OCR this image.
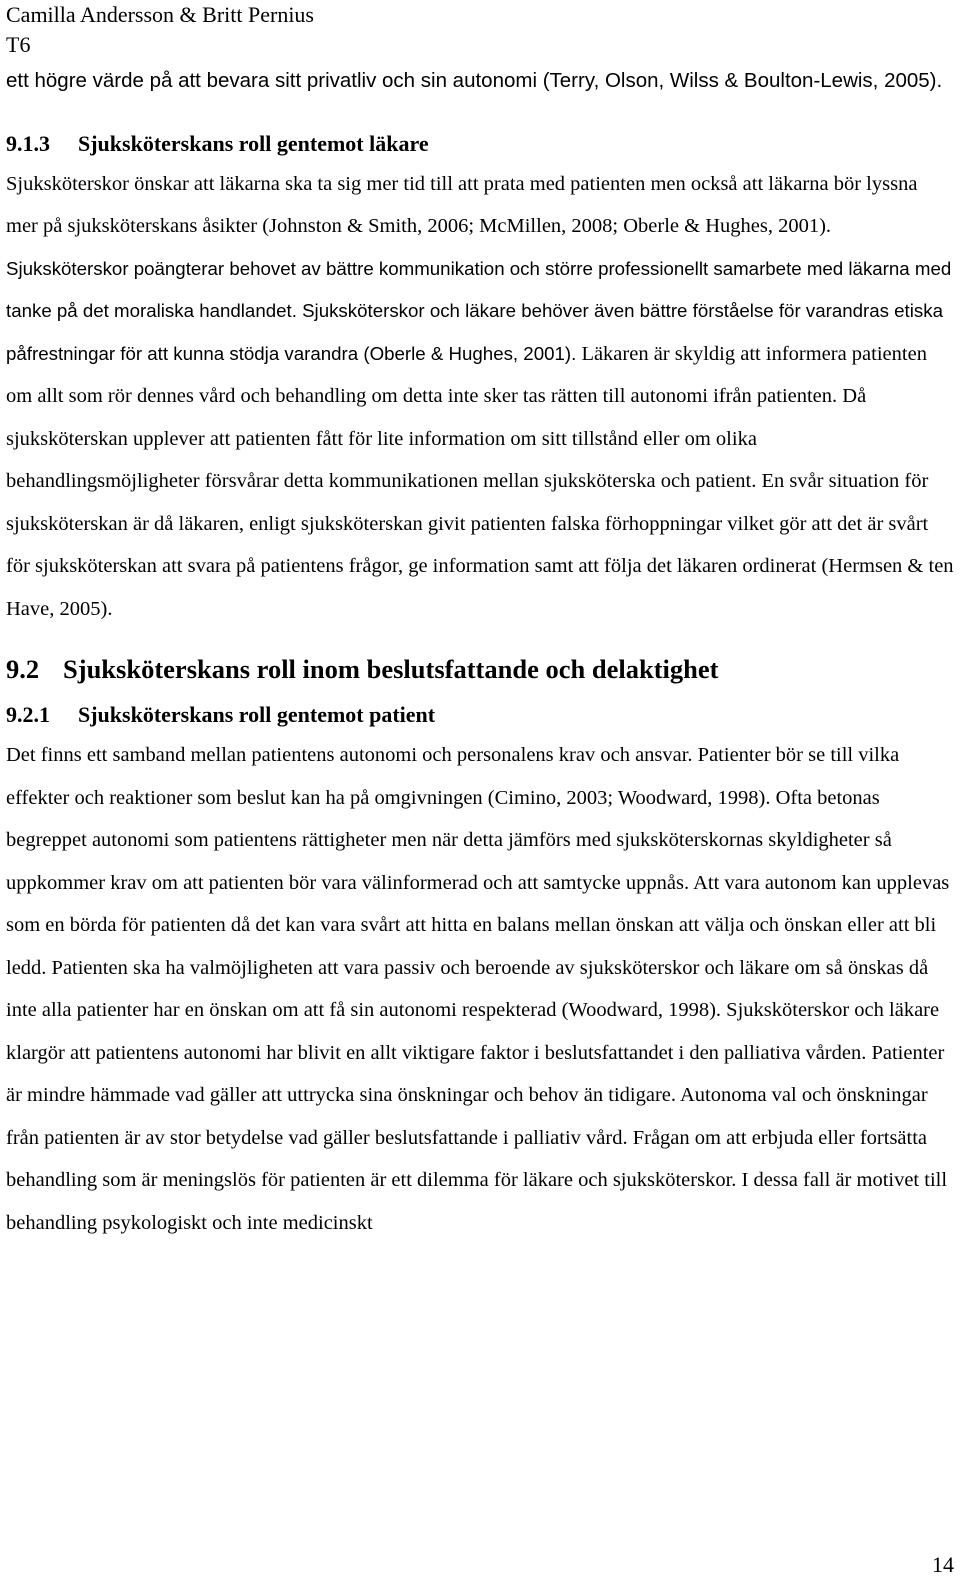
Camilla Andersson & Britt Pernius
T6

ett högre värde på att bevara sitt privatliv och sin autonomi (Terry, Olson, Wilss & Boulton-Lewis, 2005).

9.1.3 Sjuksköterskans roll gentemot läkare

Sjuksköterskor önskar att läkarna ska ta sig mer tid till att prata med patienten men också att läkarna bör lyssna mer på sjuksköterskans åsikter (Johnston & Smith, 2006; McMillen, 2008; Oberle & Hughes, 2001). Sjuksköterskor poängterar behovet av bättre kommunikation och större professionellt samarbete med läkarna med tanke på det moraliska handlandet. Sjuksköterskor och läkare behöver även bättre förståelse för varandras etiska påfrestningar för att kunna stödja varandra (Oberle & Hughes, 2001). Läkaren är skyldig att informera patienten om allt som rör dennes vård och behandling om detta inte sker tas rätten till autonomi ifrån patienten. Då sjuksköterskan upplever att patienten fått för lite information om sitt tillstånd eller om olika behandlingsmöjligheter försvårar detta kommunikationen mellan sjuksköterska och patient. En svår situation för sjuksköterskan är då läkaren, enligt sjuksköterskan givit patienten falska förhoppningar vilket gör att det är svårt för sjuksköterskan att svara på patientens frågor, ge information samt att följa det läkaren ordinerat (Hermsen & ten Have, 2005).

9.2 Sjuksköterskans roll inom beslutsfattande och delaktighet
9.2.1 Sjuksköterskans roll gentemot patient

Det finns ett samband mellan patientens autonomi och personalens krav och ansvar. Patienter bör se till vilka effekter och reaktioner som beslut kan ha på omgivningen (Cimino, 2003; Woodward, 1998). Ofta betonas begreppet autonomi som patientens rättigheter men när detta jämförs med sjuksköterskornas skyldigheter så uppkommer krav om att patienten bör vara välinformerad och att samtycke uppnås. Att vara autonom kan upplevas som en börda för patienten då det kan vara svårt att hitta en balans mellan önskan att välja och önskan eller att bli ledd. Patienten ska ha valmöjligheten att vara passiv och beroende av sjuksköterskor och läkare om så önskas då inte alla patienter har en önskan om att få sin autonomi respekterad (Woodward, 1998). Sjuksköterskor och läkare klargör att patientens autonomi har blivit en allt viktigare faktor i beslutsfattandet i den palliativa vården. Patienter är mindre hämmade vad gäller att uttrycka sina önskningar och behov än tidigare. Autonoma val och önskningar från patienten är av stor betydelse vad gäller beslutsfattande i palliativ vård. Frågan om att erbjuda eller fortsätta behandling som är meningslös för patienten är ett dilemma för läkare och sjuksköterskor. I dessa fall är motivet till behandling psykologiskt och inte medicinskt

14
